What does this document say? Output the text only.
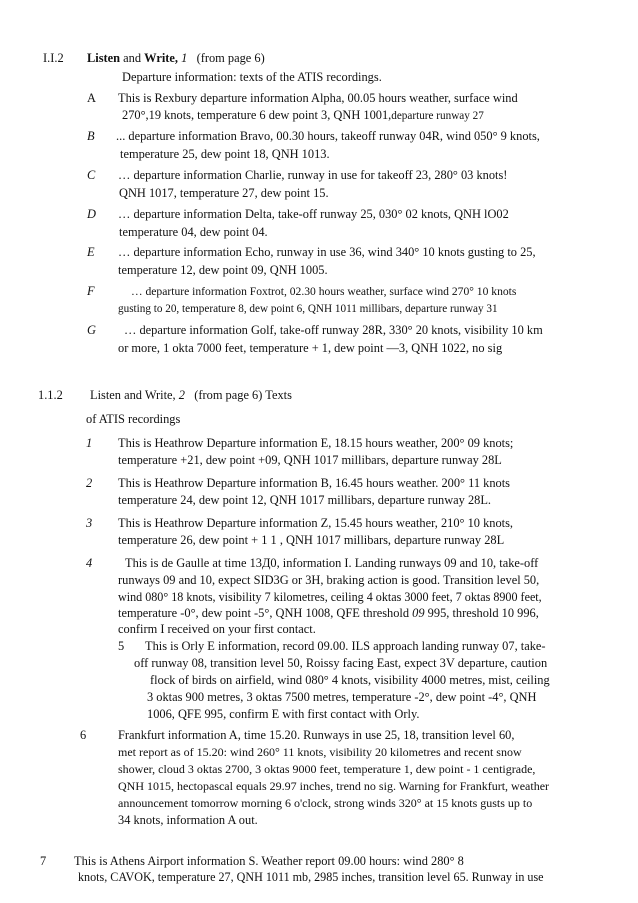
I.I.2 Listen and Write, 1 (from page 6)
Departure information: texts of the ATIS recordings.
A This is Rexbury departure information Alpha, 00.05 hours weather, surface wind
270°,19 knots, temperature 6 dew point 3, QNH 1001,departure runway 27
B ... departure information Bravo, 00.30 hours, takeoff runway 04R, wind 050° 9 knots,
temperature 25, dew point 18, QNH 1013.
C … departure information Charlie, runway in use for takeoff 23, 280° 03 knots!
QNH 1017, temperature 27, dew point 15.
D … departure information Delta, take-off runway 25, 030° 02 knots, QNH lO02
temperature 04, dew point 04.
E … departure information Echo, runway in use 36, wind 340° 10 knots gusting to 25,
temperature 12, dew point 09, QNH 1005.
F	… departure information Foxtrot, 02.30 hours weather, surface wind 270° 10 knots
gusting to 20, temperature 8, dew point 6, QNH 1011 millibars, departure runway 31
G … departure information Golf, take-off runway 28R, 330° 20 knots, visibility 10 km
or more, 1 okta 7000 feet, temperature + 1, dew point —3, QNH 1022, no sig
1.1.2 Listen and Write, 2 (from page 6) Texts
of ATIS recordings
1 This is Heathrow Departure information E, 18.15 hours weather, 200° 09 knots;
temperature +21, dew point +09, QNH 1017 millibars, departure runway 28L
2 This is Heathrow Departure information B, 16.45 hours weather. 200° 11 knots
temperature 24, dew point 12, QNH 1017 millibars, departure runway 28L.
3 This is Heathrow Departure information Z, 15.45 hours weather, 210° 10 knots,
temperature 26, dew point + 1 1 , QNH 1017 millibars, departure runway 28L
4	This is de Gaulle at time 13Д0, information I. Landing runways 09 and 10, take-off
runways 09 and 10, expect SID3G or 3H, braking action is good. Transition level 50,
wind 080° 18 knots, visibility 7 kilometres, ceiling 4 oktas 3000 feet, 7 oktas 8900 feet,
temperature -0°, dew point -5°, QNH 1008, QFE threshold 09 995, threshold 10 996,
confirm I received on your first contact.
5 This is Orly E information, record 09.00. ILS approach landing runway 07, take-
off runway 08, transition level 50, Roissy facing East, expect 3V departure, caution
flock of birds on airfield, wind 080° 4 knots, visibility 4000 metres, mist, ceiling
3 oktas 900 metres, 3 oktas 7500 metres, temperature -2°, dew point -4°, QNH
1006, QFE 995, confirm E with first contact with Orly.
6	Frankfurt information A, time 15.20. Runways in use 25, 18, transition level 60,
met report as of 15.20: wind 260° 11 knots, visibility 20 kilometres and recent snow
shower, cloud 3 oktas 2700, 3 oktas 9000 feet, temperature 1, dew point - 1 centigrade,
QNH 1015, hectopascal equals 29.97 inches, trend no sig. Warning for Frankfurt, weather
announcement tomorrow morning 6 o'clock, strong winds 320° at 15 knots gusts up to
34 knots, information A out.
7 This is Athens Airport information S. Weather report 09.00 hours: wind 280° 8
knots, CAVOK, temperature 27, QNH 1011 mb, 2985 inches, transition level 65. Runway in use
